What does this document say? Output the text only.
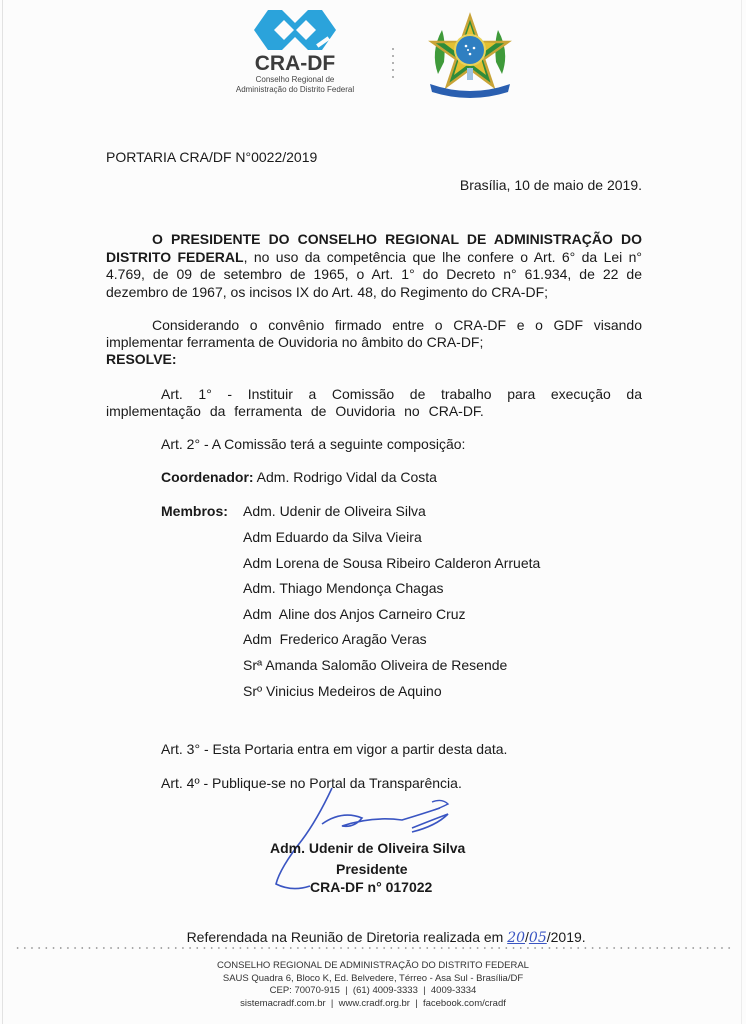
CRA-DF
Conselho Regional de
Administração do Distrito Federal
PORTARIA CRA/DF N°0022/2019
Brasília, 10 de maio de 2019.
O PRESIDENTE DO CONSELHO REGIONAL DE ADMINISTRAÇÃO DO DISTRITO FEDERAL, no uso da competência que lhe confere o Art. 6° da Lei n° 4.769, de 09 de setembro de 1965, o Art. 1° do Decreto n° 61.934, de 22 de dezembro de 1967, os incisos IX do Art. 48, do Regimento do CRA-DF;
Considerando o convênio firmado entre o CRA-DF e o GDF visando implementar ferramenta de Ouvidoria no âmbito do CRA-DF;
RESOLVE:
Art. 1° - Instituir a Comissão de trabalho para execução da implementação da ferramenta de Ouvidoria no CRA-DF.
Art. 2° - A Comissão terá a seguinte composição:
Coordenador: Adm. Rodrigo Vidal da Costa
Membros: Adm. Udenir de Oliveira Silva
Adm Eduardo da Silva Vieira
Adm Lorena de Sousa Ribeiro Calderon Arrueta
Adm. Thiago Mendonça Chagas
Adm  Aline dos Anjos Carneiro Cruz
Adm  Frederico Aragão Veras
Srª Amanda Salomão Oliveira de Resende
Srº Vinicius Medeiros de Aquino
Art. 3° - Esta Portaria entra em vigor a partir desta data.
Art. 4º - Publique-se no Portal da Transparência.
Adm. Udenir de Oliveira Silva
Presidente
CRA-DF n° 017022

Referendada na Reunião de Diretoria realizada em 20/05/2019.

CONSELHO REGIONAL DE ADMINISTRAÇÃO DO DISTRITO FEDERAL
SAUS Quadra 6, Bloco K, Ed. Belvedere, Térreo - Asa Sul - Brasília/DF
CEP: 70070-915  |  (61) 4009-3333  |  4009-3334
sistemacradf.com.br  |  www.cradf.org.br  |  facebook.com/cradf
